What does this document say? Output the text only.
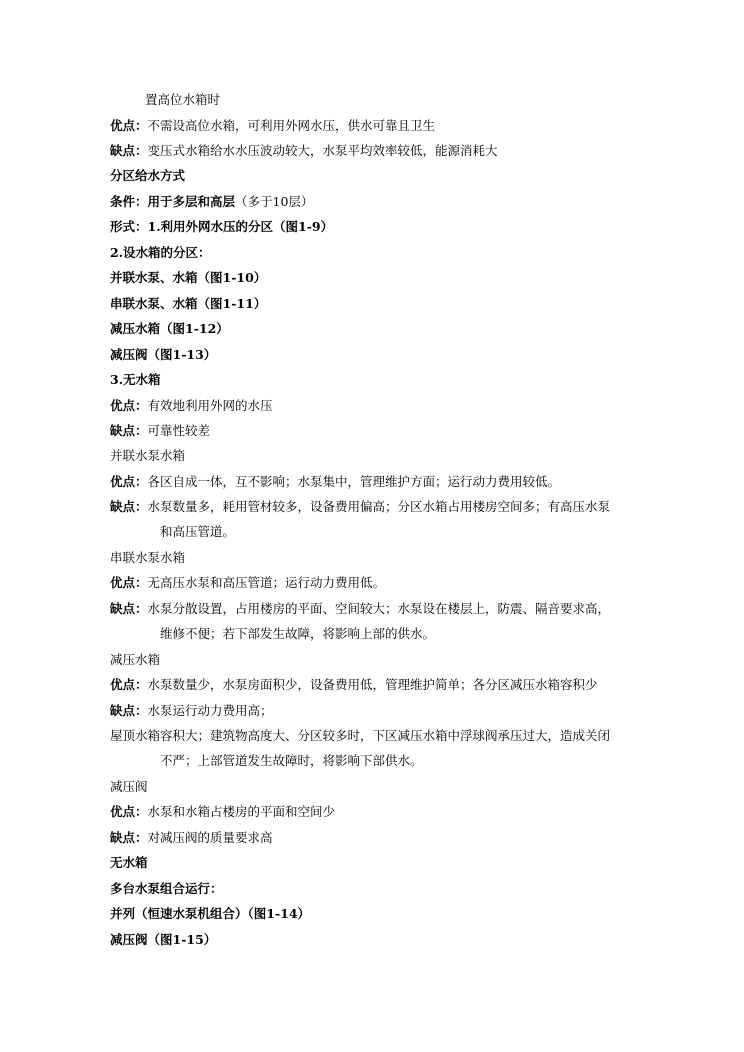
置高位水箱时
优点：不需设高位水箱，可利用外网水压，供水可靠且卫生
缺点：变压式水箱给水水压波动较大，水泵平均效率较低，能源消耗大
分区给水方式
条件：用于多层和高层（多于10层）
形式：1.利用外网水压的分区（图1-9）
2.设水箱的分区：
并联水泵、水箱（图1-10）
串联水泵、水箱（图1-11）
减压水箱（图1-12）
减压阀（图1-13）
3.无水箱
优点：有效地利用外网的水压
缺点：可靠性较差
并联水泵水箱
优点：各区自成一体，互不影响；水泵集中，管理维护方面；运行动力费用较低。
缺点：水泵数量多，耗用管材较多，设备费用偏高；分区水箱占用楼房空间多；有高压水泵
和高压管道。
串联水泵水箱
优点：无高压水泵和高压管道；运行动力费用低。
缺点：水泵分散设置，占用楼房的平面、空间较大；水泵设在楼层上，防震、隔音要求高，
维修不便；若下部发生故障，将影响上部的供水。
减压水箱
优点：水泵数量少，水泵房面积少，设备费用低，管理维护简单；各分区减压水箱容积少
缺点：水泵运行动力费用高；
屋顶水箱容积大；建筑物高度大、分区较多时，下区减压水箱中浮球阀承压过大，造成关闭
不严；上部管道发生故障时，将影响下部供水。
减压阀
优点：水泵和水箱占楼房的平面和空间少
缺点：对减压阀的质量要求高
无水箱
多台水泵组合运行：
并列（恒速水泵机组合）（图1-14）
减压阀（图1-15）
